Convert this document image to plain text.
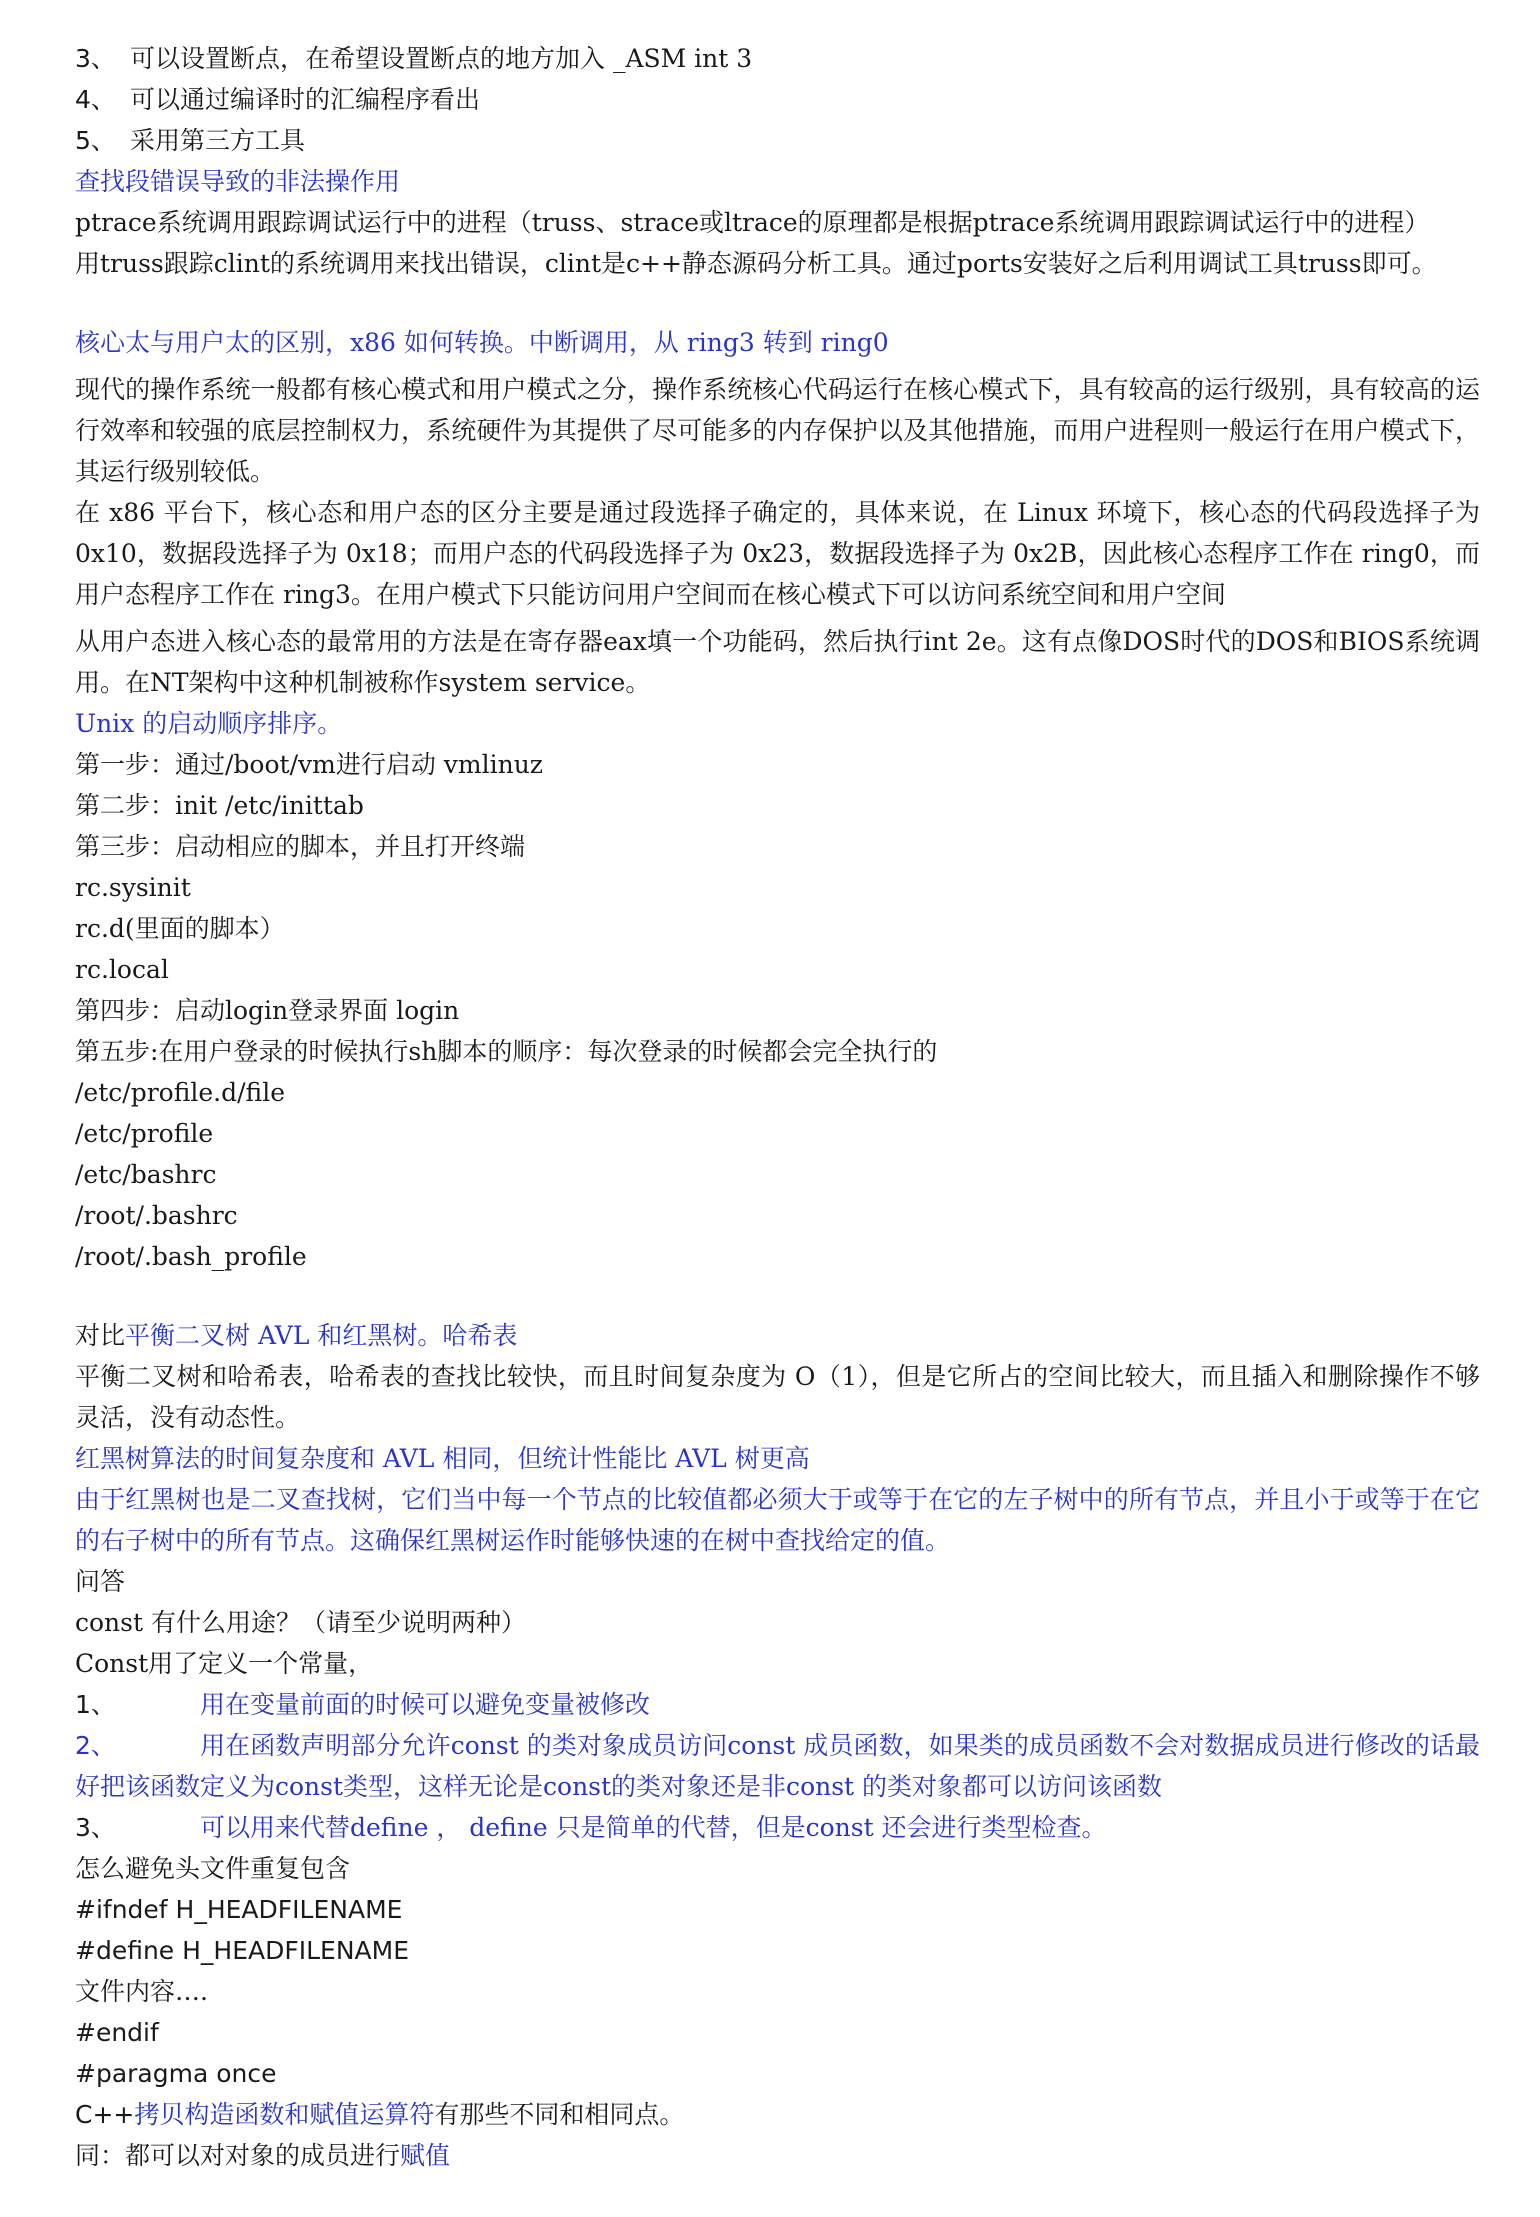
3、 可以设置断点，在希望设置断点的地方加入 _ASM int 3
4、 可以通过编译时的汇编程序看出
5、 采用第三方工具
查找段错误导致的非法操作用
ptrace系统调用跟踪调试运行中的进程（truss、strace或ltrace的原理都是根据ptrace系统调用跟踪调试运行中的进程）
用truss跟踪clint的系统调用来找出错误，clint是c++静态源码分析工具。通过ports安装好之后利用调试工具truss即可。
核心太与用户太的区别，x86 如何转换。中断调用，从 ring3 转到 ring0
现代的操作系统一般都有核心模式和用户模式之分，操作系统核心代码运行在核心模式下，具有较高的运行级别，具有较高的运行效率和较强的底层控制权力，系统硬件为其提供了尽可能多的内存保护以及其他措施，而用户进程则一般运行在用户模式下，其运行级别较低。
在 x86 平台下，核心态和用户态的区分主要是通过段选择子确定的，具体来说，在 Linux 环境下，核心态的代码段选择子为 0x10，数据段选择子为 0x18；而用户态的代码段选择子为 0x23，数据段选择子为 0x2B，因此核心态程序工作在 ring0，而用户态程序工作在 ring3。在用户模式下只能访问用户空间而在核心模式下可以访问系统空间和用户空间
从用户态进入核心态的最常用的方法是在寄存器eax填一个功能码，然后执行int 2e。这有点像DOS时代的DOS和BIOS系统调用。在NT架构中这种机制被称作system service。
Unix 的启动顺序排序。
第一步：通过/boot/vm进行启动 vmlinuz
第二步：init /etc/inittab
第三步：启动相应的脚本，并且打开终端
rc.sysinit
rc.d(里面的脚本）
rc.local
第四步：启动login登录界面 login
第五步:在用户登录的时候执行sh脚本的顺序：每次登录的时候都会完全执行的
/etc/profile.d/file
/etc/profile
/etc/bashrc
/root/.bashrc
/root/.bash_profile
对比平衡二叉树 AVL 和红黑树。哈希表
平衡二叉树和哈希表，哈希表的查找比较快，而且时间复杂度为 O（1），但是它所占的空间比较大，而且插入和删除操作不够灵活，没有动态性。
红黑树算法的时间复杂度和 AVL 相同，但统计性能比 AVL 树更高
由于红黑树也是二叉查找树，它们当中每一个节点的比较值都必须大于或等于在它的左子树中的所有节点，并且小于或等于在它的右子树中的所有节点。这确保红黑树运作时能够快速的在树中查找给定的值。
问答
const 有什么用途？（请至少说明两种）
Const用了定义一个常量，
1、	用在变量前面的时候可以避免变量被修改
2、	用在函数声明部分允许const 的类对象成员访问const 成员函数，如果类的成员函数不会对数据成员进行修改的话最好把该函数定义为const类型，这样无论是const的类对象还是非const 的类对象都可以访问该函数
3、	可以用来代替define ， define 只是简单的代替，但是const 还会进行类型检查。
怎么避免头文件重复包含
#ifndef H_HEADFILENAME
#define H_HEADFILENAME
文件内容….
#endif
#paragma once
C++拷贝构造函数和赋值运算符有那些不同和相同点。
同：都可以对对象的成员进行赋值
